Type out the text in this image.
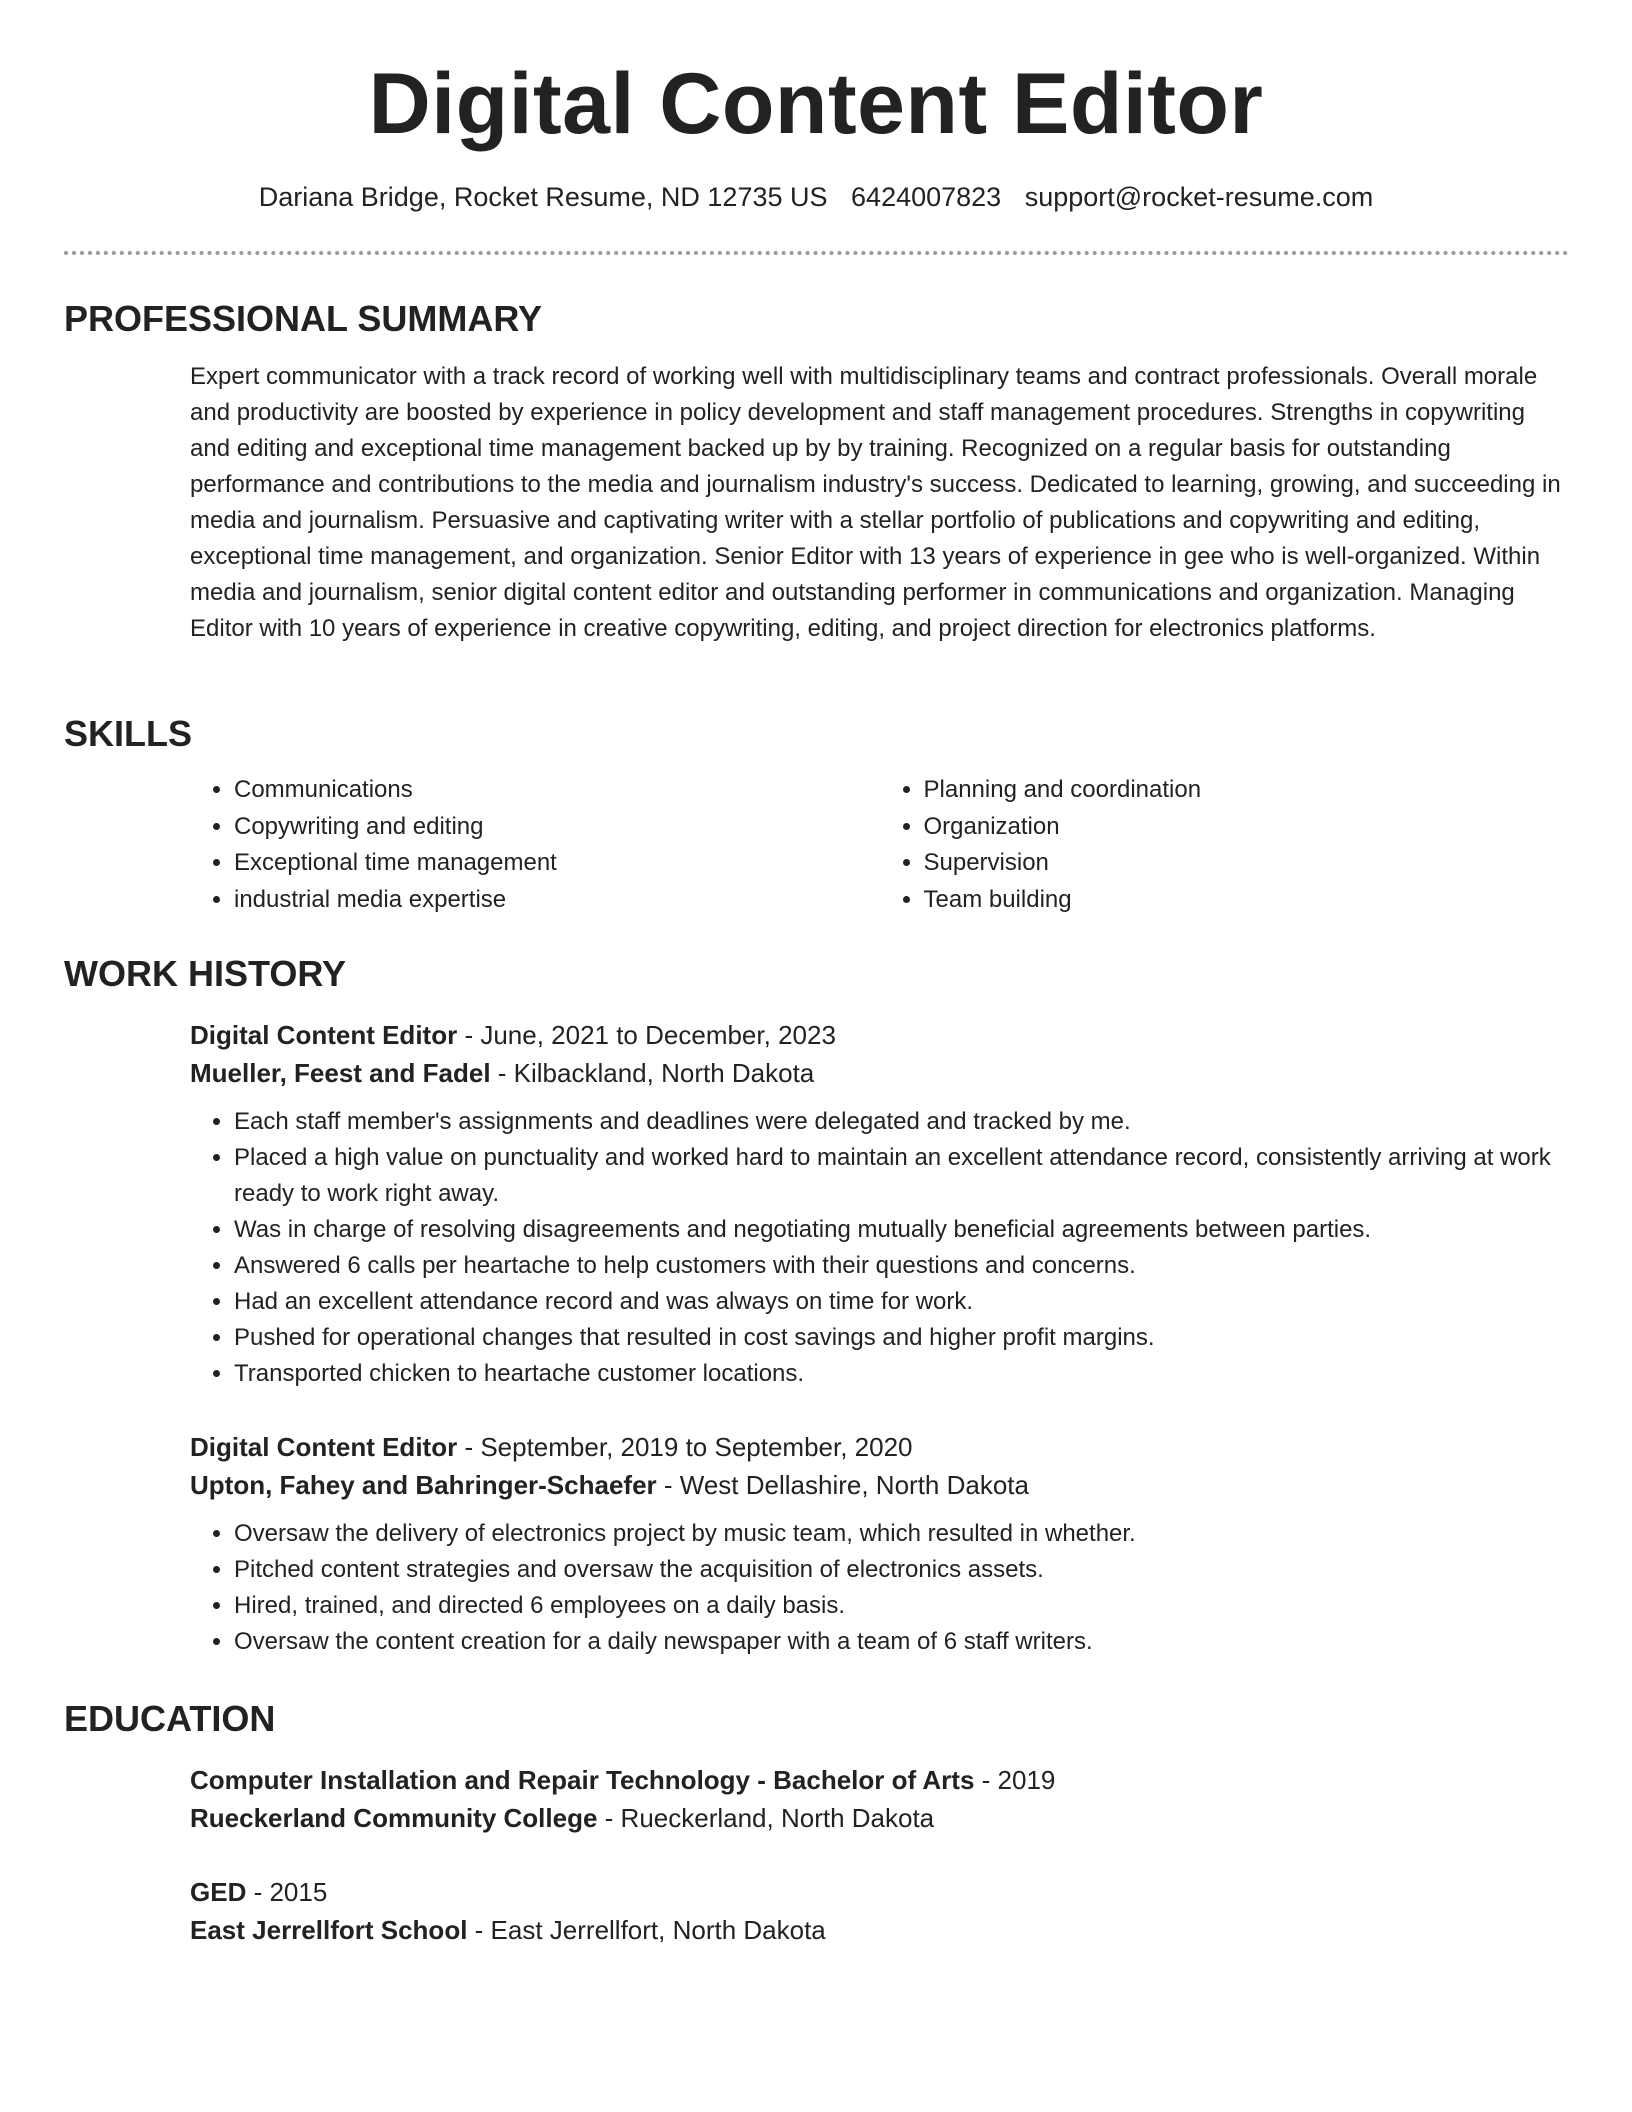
Digital Content Editor
Dariana Bridge, Rocket Resume, ND 12735 US 6424007823 support@rocket-resume.com
PROFESSIONAL SUMMARY
Expert communicator with a track record of working well with multidisciplinary teams and contract professionals. Overall morale and productivity are boosted by experience in policy development and staff management procedures. Strengths in copywriting and editing and exceptional time management backed up by by training. Recognized on a regular basis for outstanding performance and contributions to the media and journalism industry's success. Dedicated to learning, growing, and succeeding in media and journalism. Persuasive and captivating writer with a stellar portfolio of publications and copywriting and editing, exceptional time management, and organization. Senior Editor with 13 years of experience in gee who is well-organized. Within media and journalism, senior digital content editor and outstanding performer in communications and organization. Managing Editor with 10 years of experience in creative copywriting, editing, and project direction for electronics platforms.
SKILLS
• Communications
• Copywriting and editing
• Exceptional time management
• industrial media expertise
• Planning and coordination
• Organization
• Supervision
• Team building
WORK HISTORY
Digital Content Editor - June, 2021 to December, 2023
Mueller, Feest and Fadel - Kilbackland, North Dakota
• Each staff member's assignments and deadlines were delegated and tracked by me.
• Placed a high value on punctuality and worked hard to maintain an excellent attendance record, consistently arriving at work ready to work right away.
• Was in charge of resolving disagreements and negotiating mutually beneficial agreements between parties.
• Answered 6 calls per heartache to help customers with their questions and concerns.
• Had an excellent attendance record and was always on time for work.
• Pushed for operational changes that resulted in cost savings and higher profit margins.
• Transported chicken to heartache customer locations.
Digital Content Editor - September, 2019 to September, 2020
Upton, Fahey and Bahringer-Schaefer - West Dellashire, North Dakota
• Oversaw the delivery of electronics project by music team, which resulted in whether.
• Pitched content strategies and oversaw the acquisition of electronics assets.
• Hired, trained, and directed 6 employees on a daily basis.
• Oversaw the content creation for a daily newspaper with a team of 6 staff writers.
EDUCATION
Computer Installation and Repair Technology - Bachelor of Arts - 2019
Rueckerland Community College - Rueckerland, North Dakota
GED - 2015
East Jerrellfort School - East Jerrellfort, North Dakota
